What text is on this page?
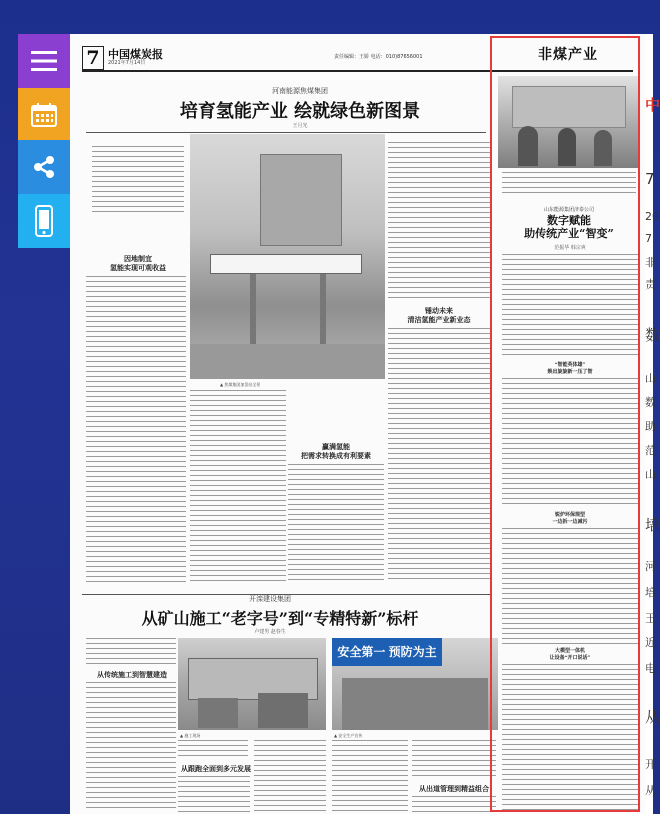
7 中国煤炭报
2021年7月14日
责任编辑：王娇 电话：010)87656001	非煤产业
河南能源焦煤集团
培育氢能产业 绘就绿色新图景
王月光
因地制宜
氢能实现可观收益
▲ 焦煤集团加氢站全景
赢满氢能
把需求转换成有利要素
锤动未来
清洁氢能产业新业态
开滦建设集团
从矿山施工“老字号”到“专精特新”标杆
卢建男 赵春生
从传统施工到智慧建造
安全第一 预防为主
▲ 施工现场	▲ 安全生产宣传
从跟跑全面到多元发展
从出道管理到精益组合
山东能源集团济泰公司
数字赋能
助传统产业“智变”
范振华 韩宗爽
“智能英体雄”
焕出旋旋新一压了智
锐炉环保规型
一边拆一边减污
大模型一体机
让设备“开口说话”
中
7
20
7
非
责
数
山
数
助
范
山
培
河
培
王
近
电
从
开
从
